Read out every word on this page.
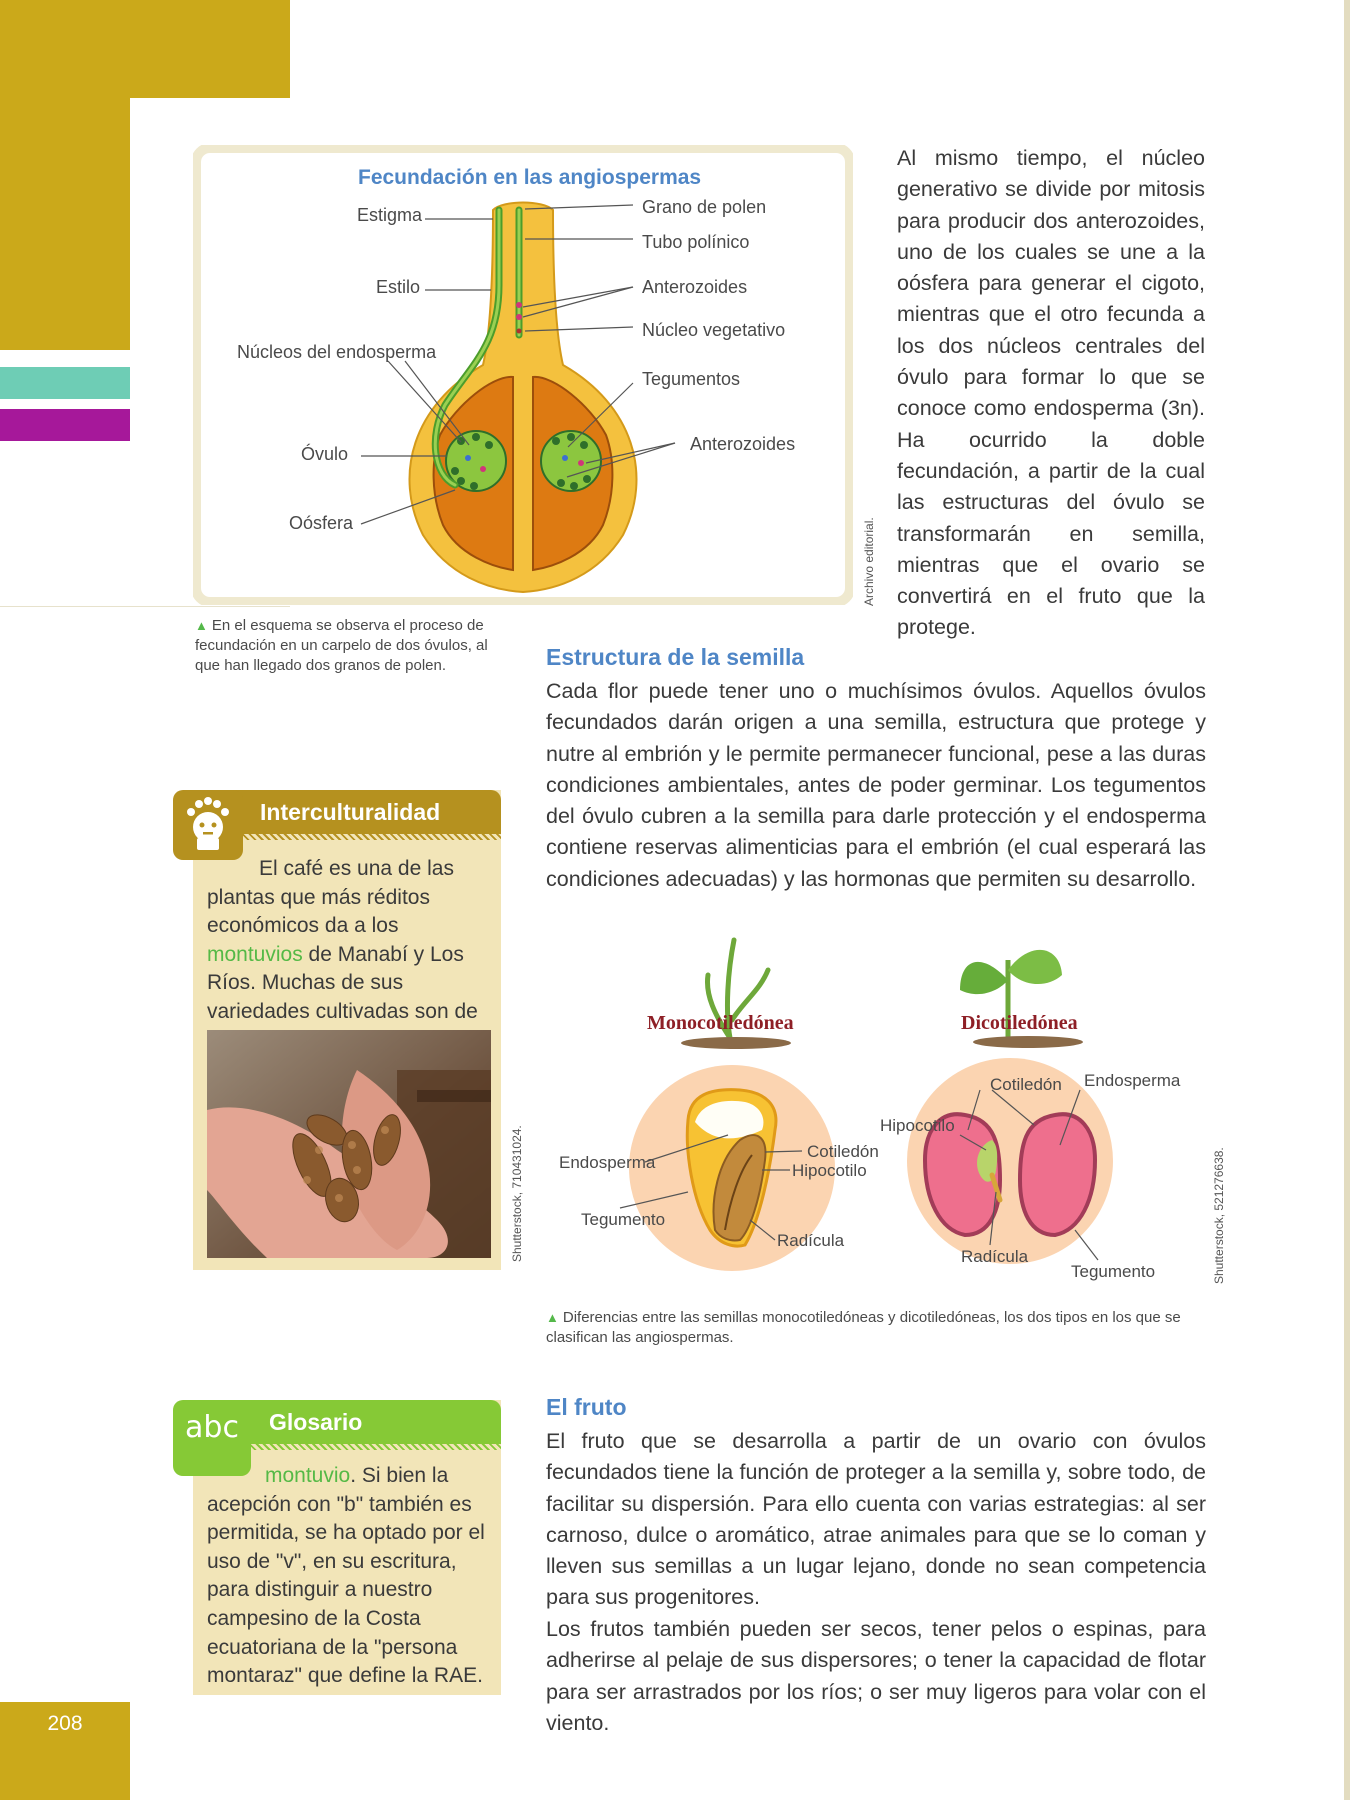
208
Fecundación en las angiospermas
Estigma
Estilo
Núcleos del endosperma
Óvulo
Oósfera
Grano de polen
Tubo polínico
Anterozoides
Núcleo vegetativo
Tegumentos
Anterozoides
Archivo editorial.
▲ En el esquema se observa el proceso de fecundación en un carpelo de dos óvulos, al que han llegado dos granos de polen.
Al mismo tiempo, el núcleo generativo se divide por mitosis para producir dos anterozoides, uno de los cuales se une a la oósfera para generar el cigoto, mientras que el otro fecunda a los dos núcleos centrales del óvulo para formar lo que se conoce como endosperma (3n). Ha ocurrido la doble fecundación, a partir de la cual las estructuras del óvulo se transformarán en semilla, mientras que el ovario se convertirá en el fruto que la protege.
Estructura de la semilla
Cada flor puede tener uno o muchísimos óvulos. Aquellos óvulos fecundados darán origen a una semilla, estructura que protege y nutre al embrión y le permite permanecer funcional, pese a las duras condiciones ambientales, antes de poder germinar. Los tegumentos del óvulo cubren a la semilla para darle protección y el endosperma contiene reservas alimenticias para el embrión (el cual esperará las condiciones adecuadas) y las hormonas que permiten su desarrollo.
Interculturalidad
El café es una de las plantas que más réditos económicos da a los montuvios de Manabí y Los Ríos. Muchas de sus variedades cultivadas son de
Shutterstock, 710431024.
Monocotiledónea	Dicotiledónea
Endosperma
Tegumento
Cotiledón
Hipocotilo
Radícula
Cotiledón Endosperma
Hipocotilo
Radícula
Tegumento	Shutterstock, 521276638.
▲ Diferencias entre las semillas monocotiledóneas y dicotiledóneas, los dos tipos en los que se clasifican las angiospermas.
abc Glosario
montuvio. Si bien la acepción con "b" también es permitida, se ha optado por el uso de "v", en su escritura, para distinguir a nuestro campesino de la Costa ecuatoriana de la "persona montaraz" que define la RAE.
El fruto
El fruto que se desarrolla a partir de un ovario con óvulos fecundados tiene la función de proteger a la semilla y, sobre todo, de facilitar su dispersión. Para ello cuenta con varias estrategias: al ser carnoso, dulce o aromático, atrae animales para que se lo coman y lleven sus semillas a un lugar lejano, donde no sean competencia para sus progenitores.
Los frutos también pueden ser secos, tener pelos o espinas, para adherirse al pelaje de sus dispersores; o tener la capacidad de flotar para ser arrastrados por los ríos; o ser muy ligeros para volar con el viento.
